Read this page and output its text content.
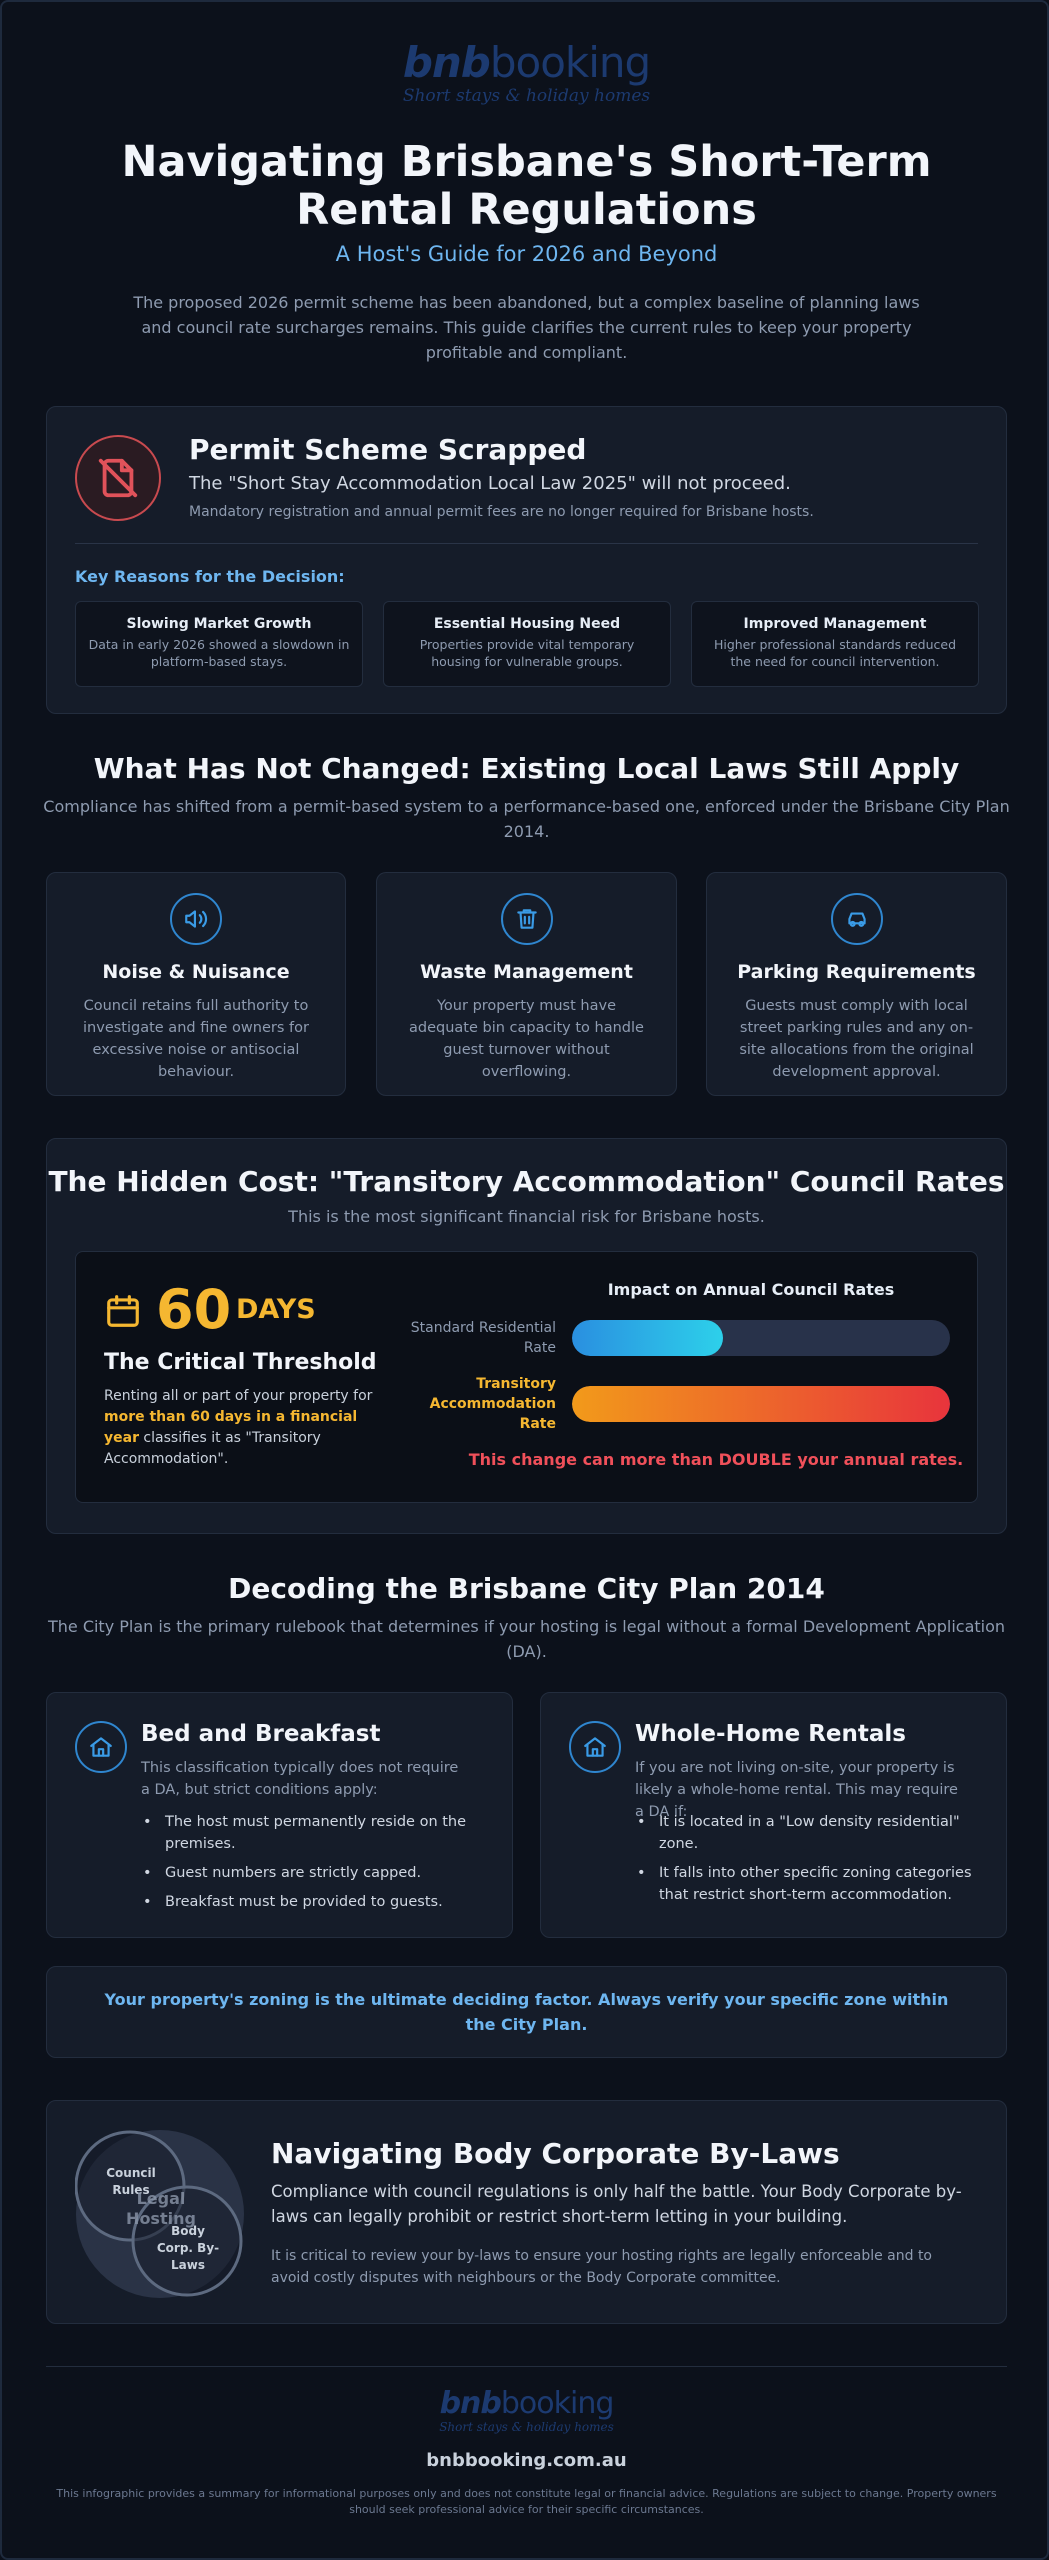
bnbbooking
Short stays & holiday homes
Navigating Brisbane's Short-Term Rental Regulations
A Host's Guide for 2026 and Beyond
The proposed 2026 permit scheme has been abandoned, but a complex baseline of planning laws and council rate surcharges remains. This guide clarifies the current rules to keep your property profitable and compliant.
Permit Scheme Scrapped
The "Short Stay Accommodation Local Law 2025" will not proceed.
Mandatory registration and annual permit fees are no longer required for Brisbane hosts.
Key Reasons for the Decision:
Slowing Market Growth
Data in early 2026 showed a slowdown in platform-based stays.
Essential Housing Need
Properties provide vital temporary housing for vulnerable groups.
Improved Management
Higher professional standards reduced the need for council intervention.
What Has Not Changed: Existing Local Laws Still Apply
Compliance has shifted from a permit-based system to a performance-based one, enforced under the Brisbane City Plan 2014.
Noise & Nuisance
Council retains full authority to investigate and fine owners for excessive noise or antisocial behaviour.
Waste Management
Your property must have adequate bin capacity to handle guest turnover without overflowing.
Parking Requirements
Guests must comply with local street parking rules and any on-site allocations from the original development approval.
The Hidden Cost: "Transitory Accommodation" Council Rates
This is the most significant financial risk for Brisbane hosts.
60 DAYS
The Critical Threshold
Renting all or part of your property for more than 60 days in a financial year classifies it as "Transitory Accommodation".
Impact on Annual Council Rates
Standard Residential Rate
Transitory Accommodation Rate
This change can more than DOUBLE your annual rates.
Decoding the Brisbane City Plan 2014
The City Plan is the primary rulebook that determines if your hosting is legal without a formal Development Application (DA).
Bed and Breakfast
This classification typically does not require a DA, but strict conditions apply:
• The host must permanently reside on the premises.
• Guest numbers are strictly capped.
• Breakfast must be provided to guests.
Whole-Home Rentals
If you are not living on-site, your property is likely a whole-home rental. This may require a DA if:
• It is located in a "Low density residential" zone.
• It falls into other specific zoning categories that restrict short-term accommodation.
Your property's zoning is the ultimate deciding factor. Always verify your specific zone within the City Plan.
Council Rules
Legal Hosting
Body Corp. By-Laws
Navigating Body Corporate By-Laws
Compliance with council regulations is only half the battle. Your Body Corporate by-laws can legally prohibit or restrict short-term letting in your building.
It is critical to review your by-laws to ensure your hosting rights are legally enforceable and to avoid costly disputes with neighbours or the Body Corporate committee.
bnbbooking
Short stays & holiday homes
bnbbooking.com.au
This infographic provides a summary for informational purposes only and does not constitute legal or financial advice. Regulations are subject to change. Property owners should seek professional advice for their specific circumstances.
